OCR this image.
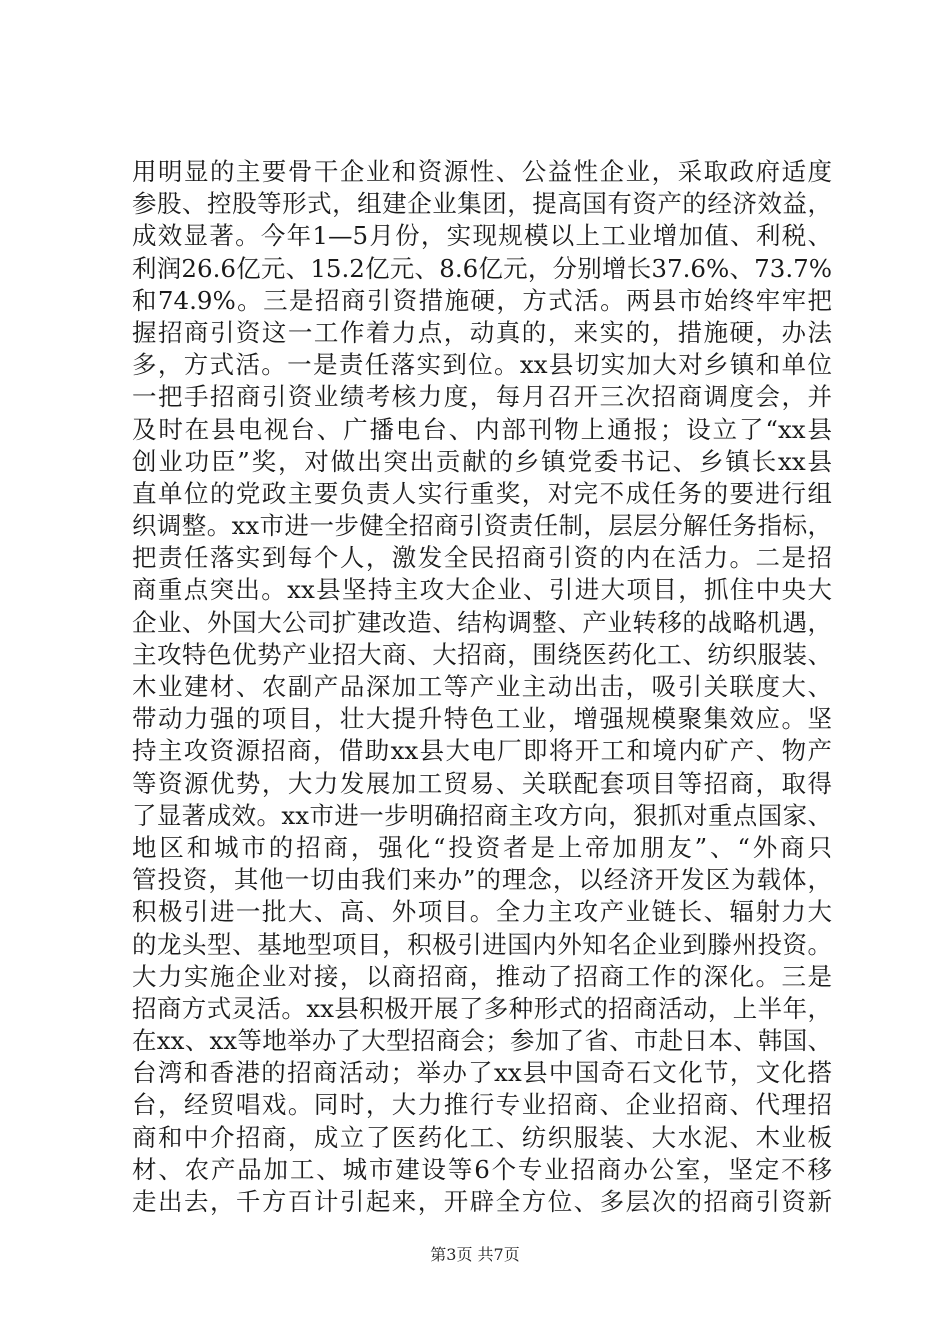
用明显的主要骨干企业和资源性、公益性企业，采取政府适度
参股、控股等形式，组建企业集团，提高国有资产的经济效益，
成效显著。今年1—5月份，实现规模以上工业增加值、利税、
利润26.6亿元、15.2亿元、8.6亿元，分别增长37.6%、73.7%
和74.9%。三是招商引资措施硬，方式活。两县市始终牢牢把
握招商引资这一工作着力点，动真的，来实的，措施硬，办法
多，方式活。一是责任落实到位。xx县切实加大对乡镇和单位
一把手招商引资业绩考核力度，每月召开三次招商调度会，并
及时在县电视台、广播电台、内部刊物上通报；设立了“xx县
创业功臣”奖，对做出突出贡献的乡镇党委书记、乡镇长xx县
直单位的党政主要负责人实行重奖，对完不成任务的要进行组
织调整。xx市进一步健全招商引资责任制，层层分解任务指标，
把责任落实到每个人，激发全民招商引资的内在活力。二是招
商重点突出。xx县坚持主攻大企业、引进大项目，抓住中央大
企业、外国大公司扩建改造、结构调整、产业转移的战略机遇，
主攻特色优势产业招大商、大招商，围绕医药化工、纺织服装、
木业建材、农副产品深加工等产业主动出击，吸引关联度大、
带动力强的项目，壮大提升特色工业，增强规模聚集效应。坚
持主攻资源招商，借助xx县大电厂即将开工和境内矿产、物产
等资源优势，大力发展加工贸易、关联配套项目等招商，取得
了显著成效。xx市进一步明确招商主攻方向，狠抓对重点国家、
地区和城市的招商，强化“投资者是上帝加朋友”、“外商只
管投资，其他一切由我们来办”的理念，以经济开发区为载体，
积极引进一批大、高、外项目。全力主攻产业链长、辐射力大
的龙头型、基地型项目，积极引进国内外知名企业到滕州投资。
大力实施企业对接，以商招商，推动了招商工作的深化。三是
招商方式灵活。xx县积极开展了多种形式的招商活动，上半年，
在xx、xx等地举办了大型招商会；参加了省、市赴日本、韩国、
台湾和香港的招商活动；举办了xx县中国奇石文化节，文化搭
台，经贸唱戏。同时，大力推行专业招商、企业招商、代理招
商和中介招商，成立了医药化工、纺织服装、大水泥、木业板
材、农产品加工、城市建设等6个专业招商办公室，坚定不移
走出去，千方百计引起来，开辟全方位、多层次的招商引资新
第3页 共7页
